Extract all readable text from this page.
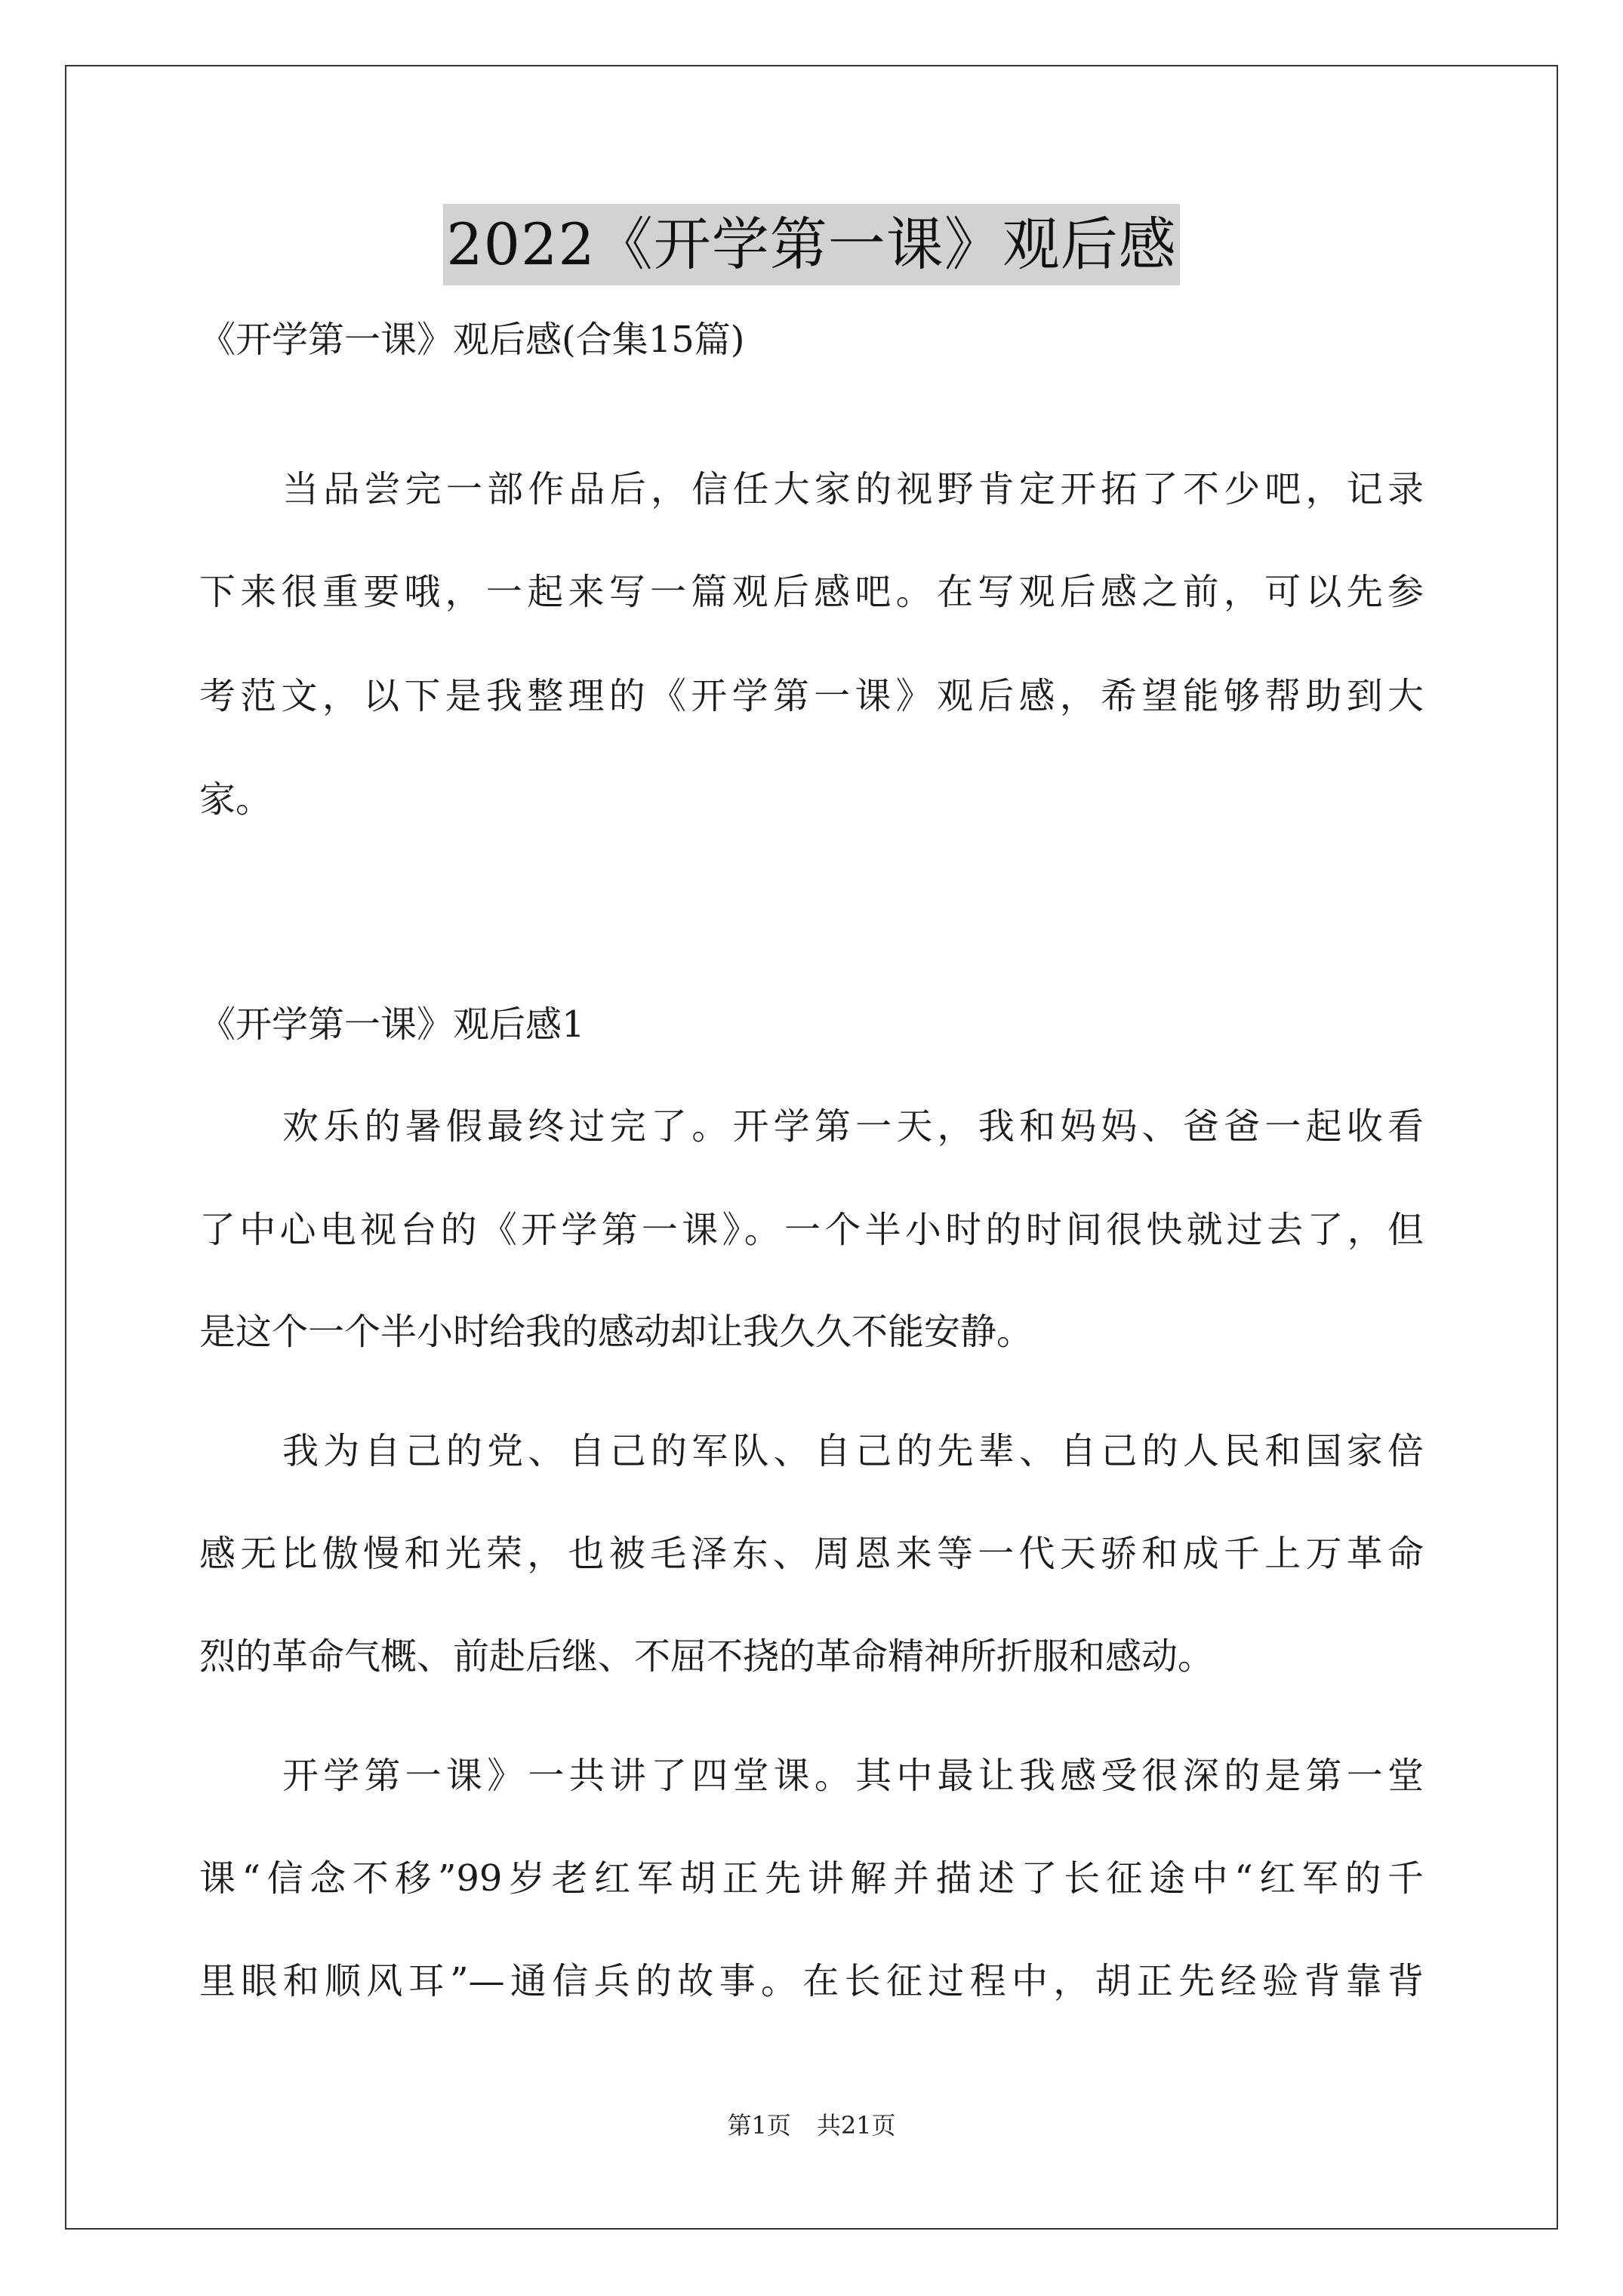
2022《开学第一课》观后感
《开学第一课》观后感(合集15篇)
当品尝完一部作品后，信任大家的视野肯定开拓了不少吧，记录
下来很重要哦，一起来写一篇观后感吧。在写观后感之前，可以先参
考范文，以下是我整理的《开学第一课》观后感，希望能够帮助到大
家。
《开学第一课》观后感1
欢乐的暑假最终过完了。开学第一天，我和妈妈、爸爸一起收看
了中心电视台的《开学第一课》。一个半小时的时间很快就过去了，但
是这个一个半小时给我的感动却让我久久不能安静。
我为自己的党、自己的军队、自己的先辈、自己的人民和国家倍
感无比傲慢和光荣，也被毛泽东、周恩来等一代天骄和成千上万革命
烈的革命气概、前赴后继、不屈不挠的革命精神所折服和感动。
开学第一课》一共讲了四堂课。其中最让我感受很深的是第一堂
课“信念不移”99岁老红军胡正先讲解并描述了长征途中“红军的千
里眼和顺风耳”—通信兵的故事。在长征过程中，胡正先经验背靠背
第1页 共21页
